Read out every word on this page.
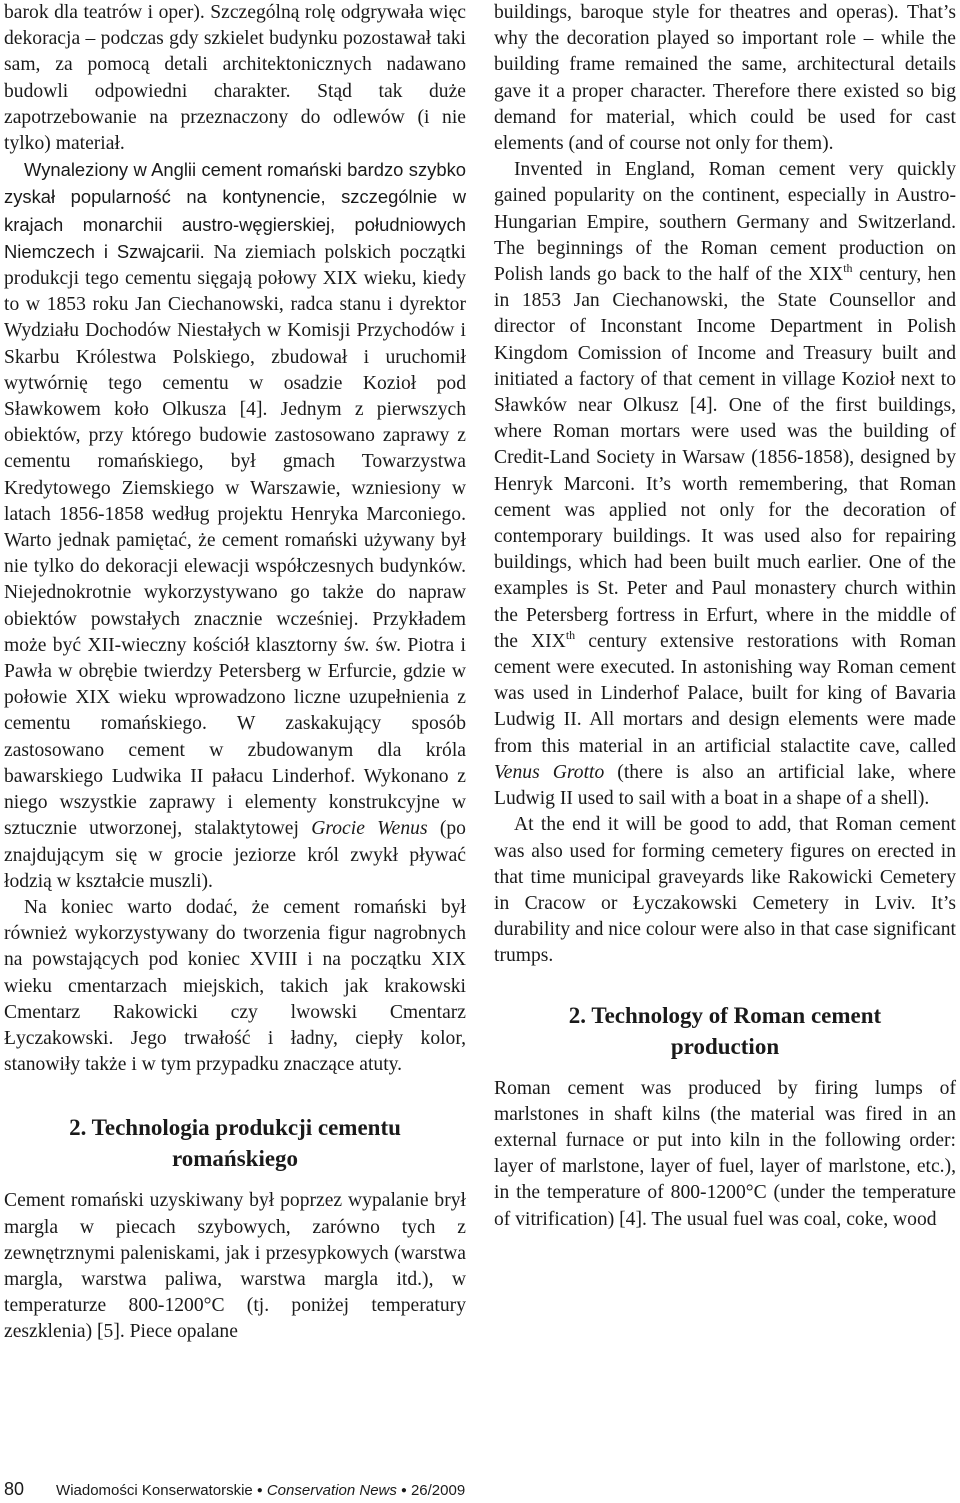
barok dla teatrów i oper). Szczególną rolę odgrywała więc dekoracja – podczas gdy szkielet budynku pozostawał taki sam, za pomocą detali architektonicznych nadawano budowli odpowiedni charakter. Stąd tak duże zapotrzebowanie na przeznaczony do odlewów (i nie tylko) materiał.

Wynaleziony w Anglii cement romański bardzo szybko zyskał popularność na kontynencie, szczególnie w krajach monarchii austro-węgierskiej, południowych Niemczech i Szwajcarii. Na ziemiach polskich początki produkcji tego cementu sięgają połowy XIX wieku, kiedy to w 1853 roku Jan Ciechanowski, radca stanu i dyrektor Wydziału Dochodów Niestałych w Komisji Przychodów i Skarbu Królestwa Polskiego, zbudował i uruchomił wytwórnię tego cementu w osadzie Kozioł pod Sławkowem koło Olkusza [4]. Jednym z pierwszych obiektów, przy którego budowie zastosowano zaprawy z cementu romańskiego, był gmach Towarzystwa Kredytowego Ziemskiego w Warszawie, wzniesiony w latach 1856-1858 według projektu Henryka Marconiego. Warto jednak pamiętać, że cement romański używany był nie tylko do dekoracji elewacji współczesnych budynków. Niejednokrotnie wykorzystywano go także do napraw obiektów powstałych znacznie wcześniej. Przykładem może być XII-wieczny kościół klasztorny św. św. Piotra i Pawła w obrębie twierdzy Petersberg w Erfurcie, gdzie w połowie XIX wieku wprowadzono liczne uzupełnienia z cementu romańskiego. W zaskakujący sposób zastosowano cement w zbudowanym dla króla bawarskiego Ludwika II pałacu Linderhof. Wykonano z niego wszystkie zaprawy i elementy konstrukcyjne w sztucznie utworzonej, stalaktytowej Grocie Wenus (po znajdującym się w grocie jeziorze król zwykł pływać łodzią w kształcie muszli).

Na koniec warto dodać, że cement romański był również wykorzystywany do tworzenia figur nagrobnych na powstających pod koniec XVIII i na początku XIX wieku cmentarzach miejskich, takich jak krakowski Cmentarz Rakowicki czy lwowski Cmentarz Łyczakowski. Jego trwałość i ładny, ciepły kolor, stanowiły także i w tym przypadku znaczące atuty.

2. Technologia produkcji cementu
romańskiego

Cement romański uzyskiwany był poprzez wypalanie brył margla w piecach szybowych, zarówno tych z zewnętrznymi paleniskami, jak i przesypkowych (warstwa margla, warstwa paliwa, warstwa margla itd.), w temperaturze 800-1200°C (tj. poniżej temperatury zeszklenia) [5]. Piece opalane

buildings, baroque style for theatres and operas). That’s why the decoration played so important role – while the building frame remained the same, architectural details gave it a proper character. Therefore there existed so big demand for material, which could be used for cast elements (and of course not only for them).

Invented in England, Roman cement very quickly gained popularity on the continent, especially in Austro-Hungarian Empire, southern Germany and Switzerland. The beginnings of the Roman cement production on Polish lands go back to the half of the XIXth century, hen in 1853 Jan Ciechanowski, the State Counsellor and director of Inconstant Income Department in Polish Kingdom Comission of Income and Treasury built and initiated a factory of that cement in village Kozioł next to Sławków near Olkusz [4]. One of the first buildings, where Roman mortars were used was the building of Credit-Land Society in Warsaw (1856-1858), designed by Henryk Marconi. It’s worth remembering, that Roman cement was applied not only for the decoration of contemporary buildings. It was used also for repairing buildings, which had been built much earlier. One of the examples is St. Peter and Paul monastery church within the Petersberg fortress in Erfurt, where in the middle of the XIXth century extensive restorations with Roman cement were executed. In astonishing way Roman cement was used in Linderhof Palace, built for king of Bavaria Ludwig II. All mortars and design elements were made from this material in an artificial stalactite cave, called Venus Grotto (there is also an artificial lake, where Ludwig II used to sail with a boat in a shape of a shell).

At the end it will be good to add, that Roman cement was also used for forming cemetery figures on erected in that time municipal graveyards like Rakowicki Cemetery in Cracow or Łyczakowski Cemetery in Lviv. It’s durability and nice colour were also in that case significant trumps.

2. Technology of Roman cement
production

Roman cement was produced by firing lumps of marlstones in shaft kilns (the material was fired in an external furnace or put into kiln in the following order: layer of marlstone, layer of fuel, layer of marlstone, etc.), in the temperature of 800-1200°C (under the temperature of vitrification) [4]. The usual fuel was coal, coke, wood

80 Wiadomości Konserwatorskie ● Conservation News ● 26/2009
